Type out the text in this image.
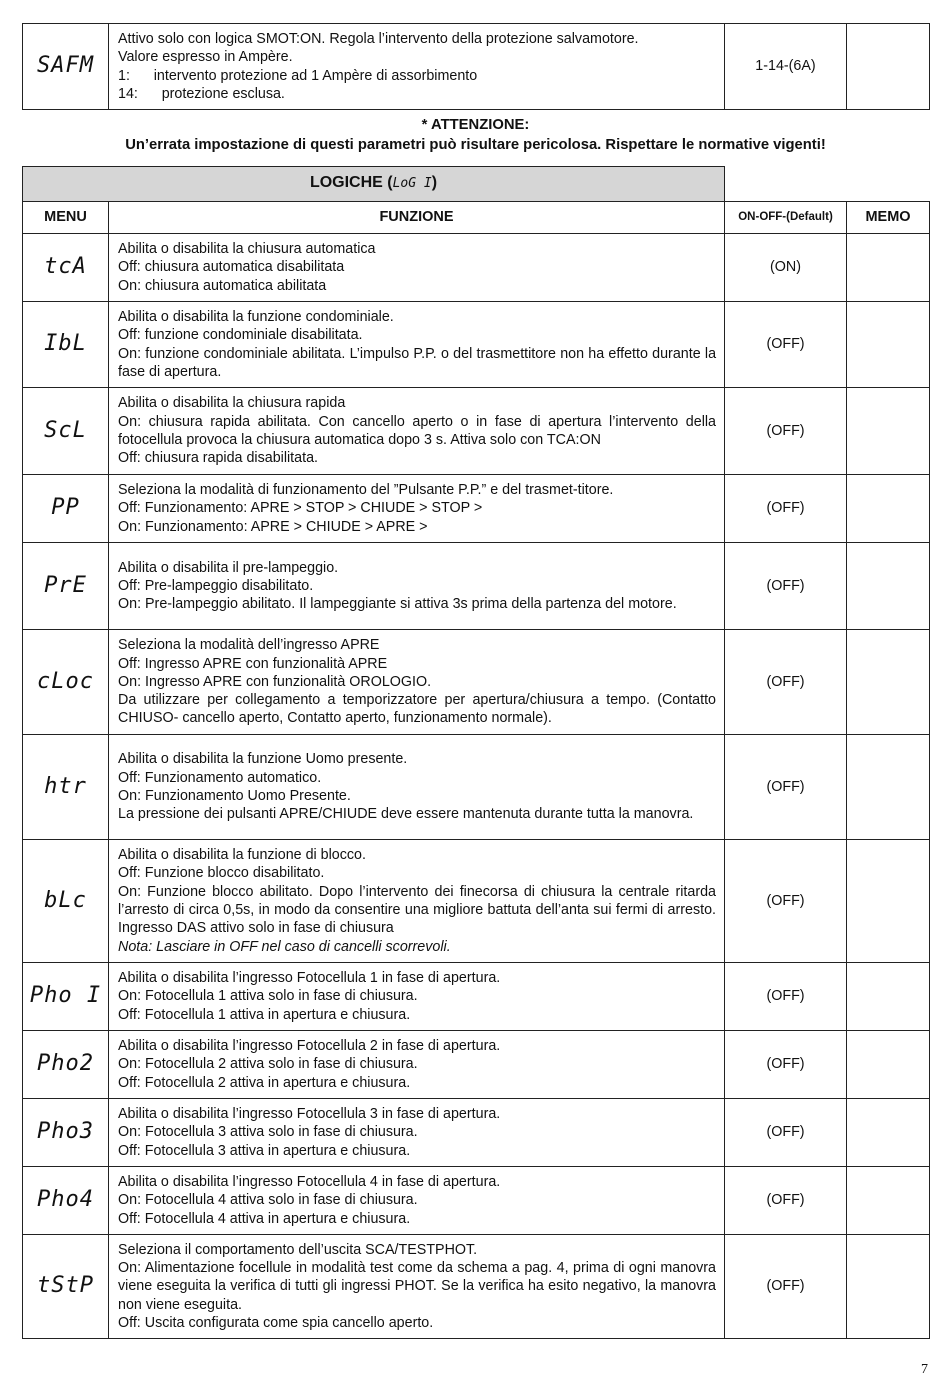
SAFM	
Attivo solo con logica SMOT:ON. Regola l’intervento della protezione salvamotore.
Valore espresso in Ampère.
1:      intervento protezione ad 1 Ampère di assorbimento
14:      protezione esclusa.
	1-14-(6A)	
* ATTENZIONE:
Un’errata impostazione di questi parametri può risultare pericolosa. Rispettare le normative vigenti!
LOGICHE (LoG I)			
MENU	FUNZIONE	ON-OFF-(Default)	MEMO
tcA	Abilita o disabilita la chiusura automatica
Off: chiusura automatica disabilitata
On: chiusura automatica abilitata	(ON)	
IbL	Abilita o disabilita la funzione condominiale.
Off: funzione condominiale disabilitata.
On: funzione condominiale abilitata. L’impulso P.P. o del trasmettitore non ha effetto durante la fase di apertura.	(OFF)	
ScL	Abilita o disabilita la chiusura rapida
On: chiusura rapida abilitata. Con cancello aperto o in fase di apertura l’intervento della fotocellula provoca la chiusura automatica dopo 3 s. Attiva solo con TCA:ON
Off: chiusura rapida disabilitata.	(OFF)	
PP	Seleziona la modalità di funzionamento del ”Pulsante P.P.” e del trasmet-titore.
Off: Funzionamento: APRE > STOP > CHIUDE > STOP >
On: Funzionamento: APRE > CHIUDE > APRE >	(OFF)	
PrE	Abilita o disabilita il pre-lampeggio.
Off: Pre-lampeggio disabilitato.
On: Pre-lampeggio abilitato. Il lampeggiante si attiva 3s prima della partenza del motore.	(OFF)	
cLoc	Seleziona la modalità dell’ingresso APRE
Off: Ingresso APRE con funzionalità APRE
On: Ingresso APRE con funzionalità OROLOGIO.
Da utilizzare per collegamento a temporizzatore per apertura/chiusura a tempo. (Contatto CHIUSO- cancello aperto, Contatto aperto, funzionamento normale).	(OFF)	
htr	Abilita o disabilita la funzione Uomo presente.
Off: Funzionamento automatico.
On: Funzionamento Uomo Presente.
La pressione dei pulsanti APRE/CHIUDE deve essere mantenuta durante tutta la manovra.	(OFF)	
bLc	Abilita o disabilita la funzione di blocco.
Off: Funzione blocco disabilitato.
On: Funzione blocco abilitato. Dopo l’intervento dei finecorsa di chiusura la centrale ritarda l’arresto di circa 0,5s, in modo da consentire una migliore battuta dell’anta sui fermi di arresto. Ingresso DAS attivo solo in fase di chiusura
Nota: Lasciare in OFF nel caso di cancelli scorrevoli.	(OFF)	
Pho I	Abilita o disabilita l’ingresso Fotocellula 1 in fase di apertura.
On: Fotocellula 1 attiva solo in fase di chiusura.
Off: Fotocellula 1 attiva in apertura e chiusura.	(OFF)	
Pho2	Abilita o disabilita l’ingresso Fotocellula 2 in fase di apertura.
On: Fotocellula 2 attiva solo in fase di chiusura.
Off: Fotocellula 2 attiva in apertura e chiusura.	(OFF)	
Pho3	Abilita o disabilita l’ingresso Fotocellula 3 in fase di apertura.
On: Fotocellula 3 attiva solo in fase di chiusura.
Off: Fotocellula 3 attiva in apertura e chiusura.	(OFF)	
Pho4	Abilita o disabilita l’ingresso Fotocellula 4 in fase di apertura.
On: Fotocellula 4 attiva solo in fase di chiusura.
Off: Fotocellula 4 attiva in apertura e chiusura.	(OFF)	
tStP	Seleziona il comportamento dell’uscita SCA/TESTPHOT.
On: Alimentazione focellule in modalità test come da schema a pag. 4, prima di ogni manovra viene eseguita la verifica di tutti gli ingressi PHOT. Se la verifica ha esito negativo, la manovra non viene eseguita.
Off: Uscita configurata come spia cancello aperto.	(OFF)	
7
